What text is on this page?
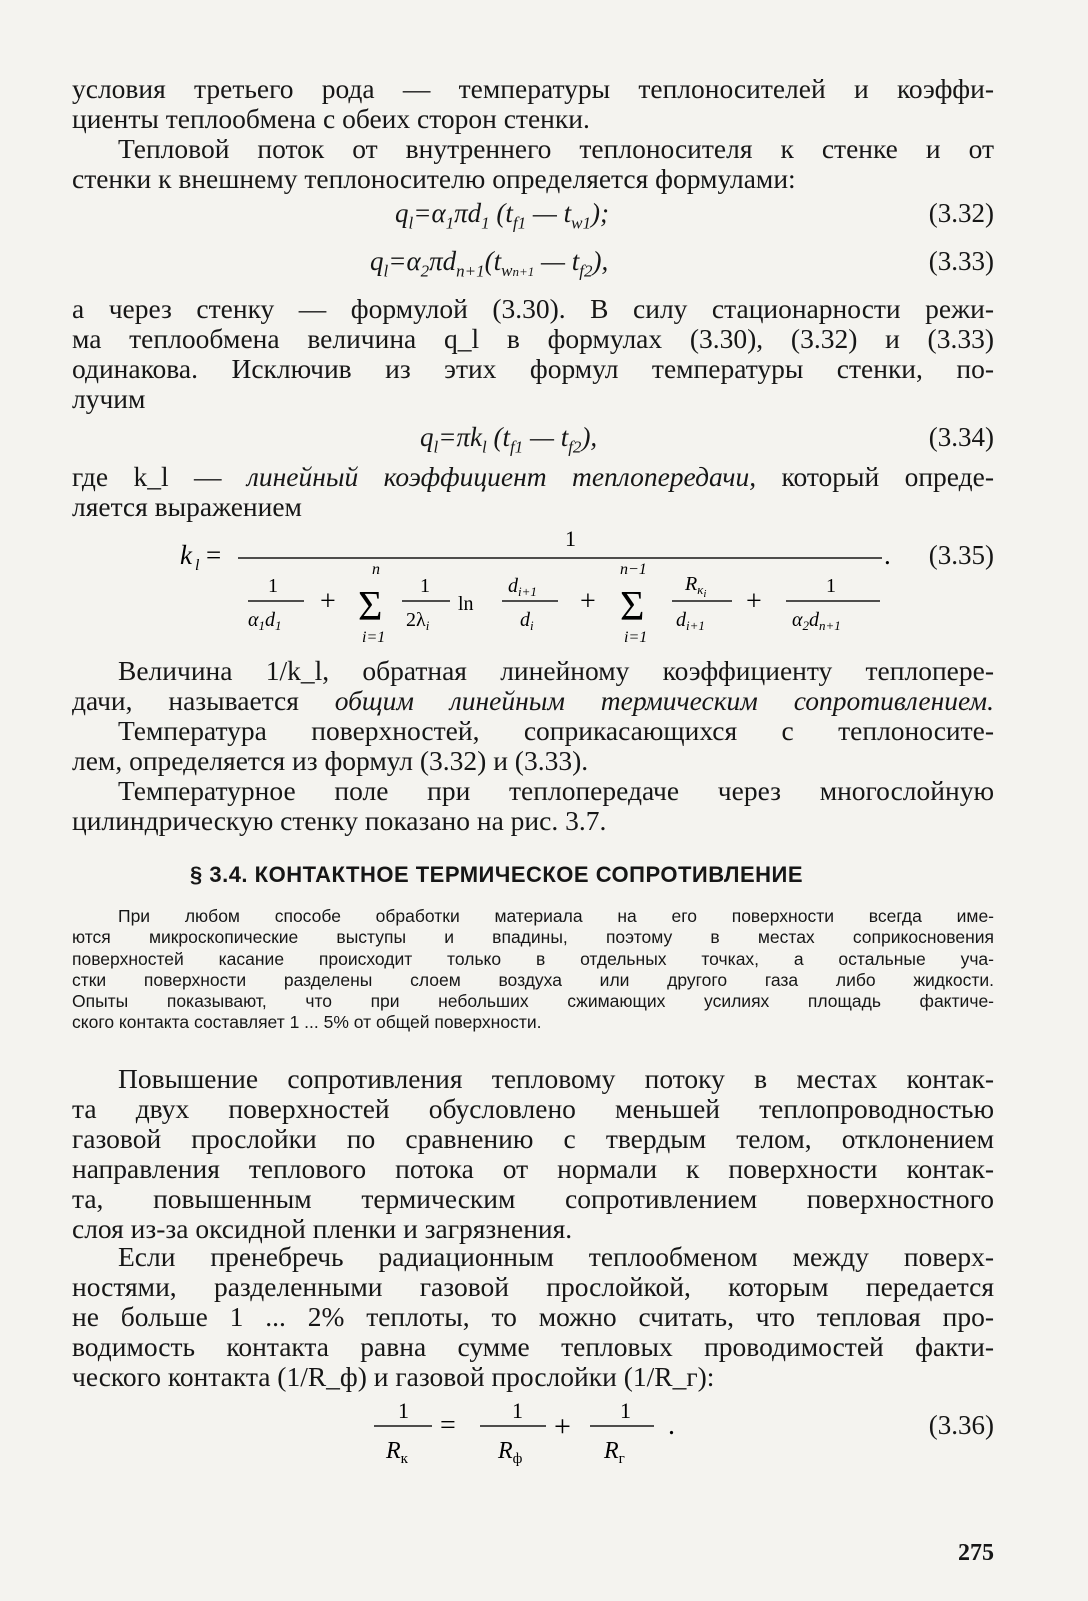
условия третьего рода — температуры теплоносителей и коэффи-
циенты теплообмена с обеих сторон стенки.
Тепловой поток от внутреннего теплоносителя к стенке и от
стенки к внешнему теплоносителю определяется формулами:
$q_l=\alpha_1\pi d_1$ ($t_{f1}$ — $t_{w1}$);	(3.32)
$q_l=\alpha_2\pi d_{n+1}(t_{wn+1}$ — $t_{f2}$),	(3.33)
а через стенку — формулой (3.30). В силу стационарности режи-
ма теплообмена величина q_l в формулах (3.30), (3.32) и (3.33)
одинакова. Исключив из этих формул температуры стенки, по-
лучим
$q_l=\pi k_l$ ($t_{f1}$ — $t_{f2}$),	(3.34)
где k_l — линейный коэффициент теплопередачи, который опреде-
ляется выражением
k l =
1
.
1
$\alpha_1d_1$
+
n
Σ
i=1
1
$2\lambda_i$
ln
$d_{i+1}$
$d_i$
+
n−1
Σ
i=1
$R_кi$
$d_{i+1}$
+	1
$\alpha_2d_{n+1}$
(3.35)
Величина 1/k_l, обратная линейному коэффициенту теплопере-
дачи, называется общим линейным термическим сопротивлением.
Температура поверхностей, соприкасающихся с теплоносите-
лем, определяется из формул (3.32) и (3.33).
Температурное поле при теплопередаче через многослойную
цилиндрическую стенку показано на рис. 3.7.
§ 3.4. КОНТАКТНОЕ ТЕРМИЧЕСКОЕ СОПРОТИВЛЕНИЕ
При любом способе обработки материала на его поверхности всегда име-
ются микроскопические выступы и впадины, поэтому в местах соприкосновения
поверхностей касание происходит только в отдельных точках, а остальные уча-
стки поверхности разделены слоем воздуха или другого газа либо жидкости.
Опыты показывают, что при небольших сжимающих усилиях площадь фактиче-
ского контакта составляет 1 ... 5% от общей поверхности.
Повышение сопротивления тепловому потоку в местах контак-
та двух поверхностей обусловлено меньшей теплопроводностью
газовой прослойки по сравнению с твердым телом, отклонением
направления теплового потока от нормали к поверхности контак-
та, повышенным термическим сопротивлением поверхностного
слоя из-за оксидной пленки и загрязнения.
Если пренебречь радиационным теплообменом между поверх-
ностями, разделенными газовой прослойкой, которым передается
не больше 1 ... 2% теплоты, то можно считать, что тепловая про-
водимость контакта равна сумме тепловых проводимостей факти-
ческого контакта (1/R_ф) и газовой прослойки (1/R_г):
1
$R_к$
=	1
$R_ф$
+ 1
$R_г$
.	(3.36)
275
